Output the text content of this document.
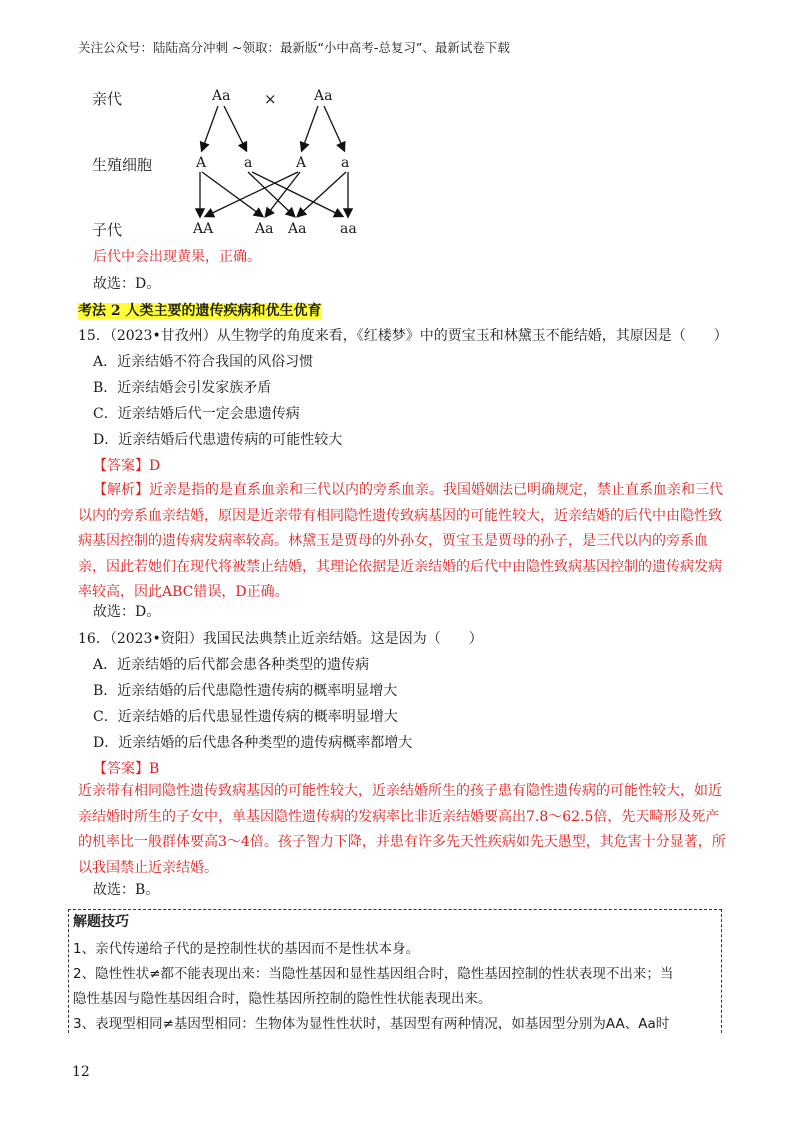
关注公众号：陆陆高分冲刺 ~领取：最新版“小中高考-总复习”、最新试卷下载
亲代
生殖细胞
子代
Aa ×	Aa
A	a	A a
AA	Aa Aa aa
后代中会出现黄果，正确。
故选：D。
考法 2 人类主要的遗传疾病和优生优育
15．（2023•甘孜州）从生物学的角度来看，《红楼梦》中的贾宝玉和林黛玉不能结婚，其原因是（　　）
A．近亲结婚不符合我国的风俗习惯
B．近亲结婚会引发家族矛盾
C．近亲结婚后代一定会患遗传病
D．近亲结婚后代患遗传病的可能性较大
【答案】D
【解析】近亲是指的是直系血亲和三代以内的旁系血亲。我国婚姻法已明确规定，禁止直系血亲和三代以内的旁系血亲结婚，原因是近亲带有相同隐性遗传致病基因的可能性较大，近亲结婚的后代中由隐性致病基因控制的遗传病发病率较高。林黛玉是贾母的外孙女，贾宝玉是贾母的孙子，是三代以内的旁系血亲，因此若她们在现代将被禁止结婚，其理论依据是近亲结婚的后代中由隐性致病基因控制的遗传病发病率较高，因此ABC错误，D正确。
故选：D。
16．（2023•资阳）我国民法典禁止近亲结婚。这是因为（　　）
A．近亲结婚的后代都会患各种类型的遗传病
B．近亲结婚的后代患隐性遗传病的概率明显增大
C．近亲结婚的后代患显性遗传病的概率明显增大
D．近亲结婚的后代患各种类型的遗传病概率都增大
【答案】B
近亲带有相同隐性遗传致病基因的可能性较大，近亲结婚所生的孩子患有隐性遗传病的可能性较大，如近亲结婚时所生的子女中，单基因隐性遗传病的发病率比非近亲结婚要高出7.8～62.5倍，先天畸形及死产的机率比一般群体要高3～4倍。孩子智力下降，并患有许多先天性疾病如先天愚型，其危害十分显著，所以我国禁止近亲结婚。
故选：B。
解题技巧
1、亲代传递给子代的是控制性状的基因而不是性状本身。
2、隐性性状≠都不能表现出来：当隐性基因和显性基因组合时，隐性基因控制的性状表现不出来；当
隐性基因与隐性基因组合时，隐性基因所控制的隐性性状能表现出来。
3、表现型相同≠基因型相同：生物体为显性性状时，基因型有两种情况，如基因型分别为AA、Aa时
12
